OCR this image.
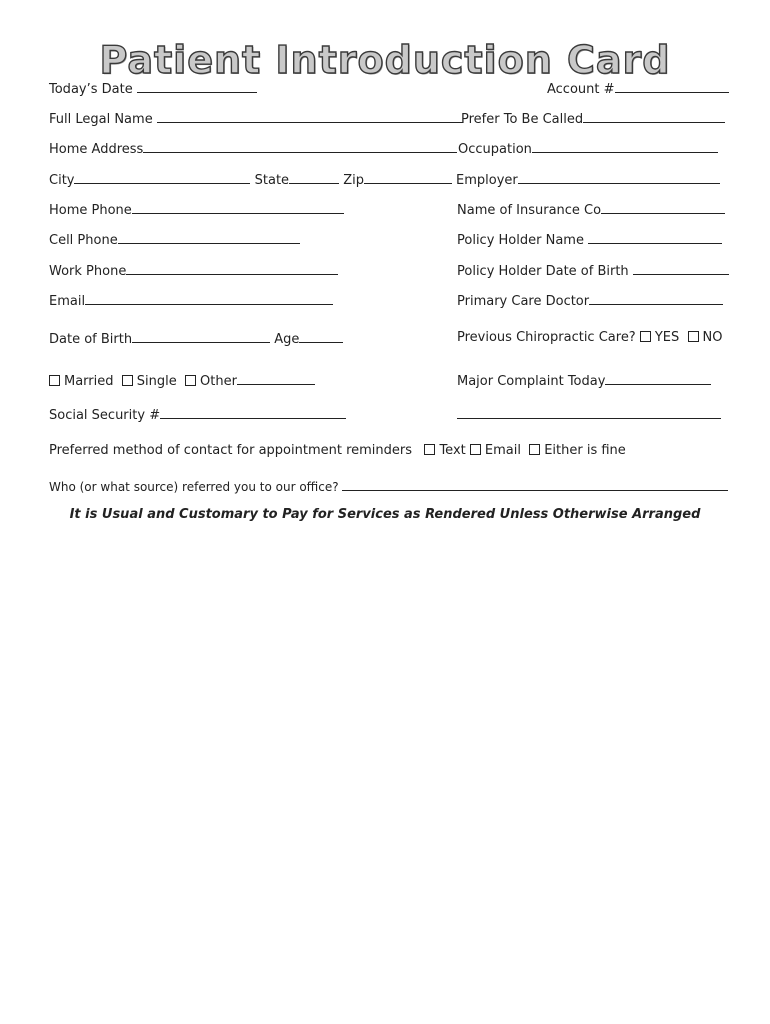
Patient Introduction Card
Today’s Date	Account #
Full Legal Name	Prefer To Be Called
Home Address	Occupation
City	State	Zip	Employer
Home Phone	Name of Insurance Co
Cell Phone	Policy Holder Name
Work Phone	Policy Holder Date of Birth
Email	Primary Care Doctor
Date of Birth	Age	Previous Chiropractic Care? YES NO
Married Single Other	Major Complaint Today
Social Security #
Preferred method of contact for appointment reminders Text Email Either is fine
Who (or what source) referred you to our office?
It is Usual and Customary to Pay for Services as Rendered Unless Otherwise Arranged
